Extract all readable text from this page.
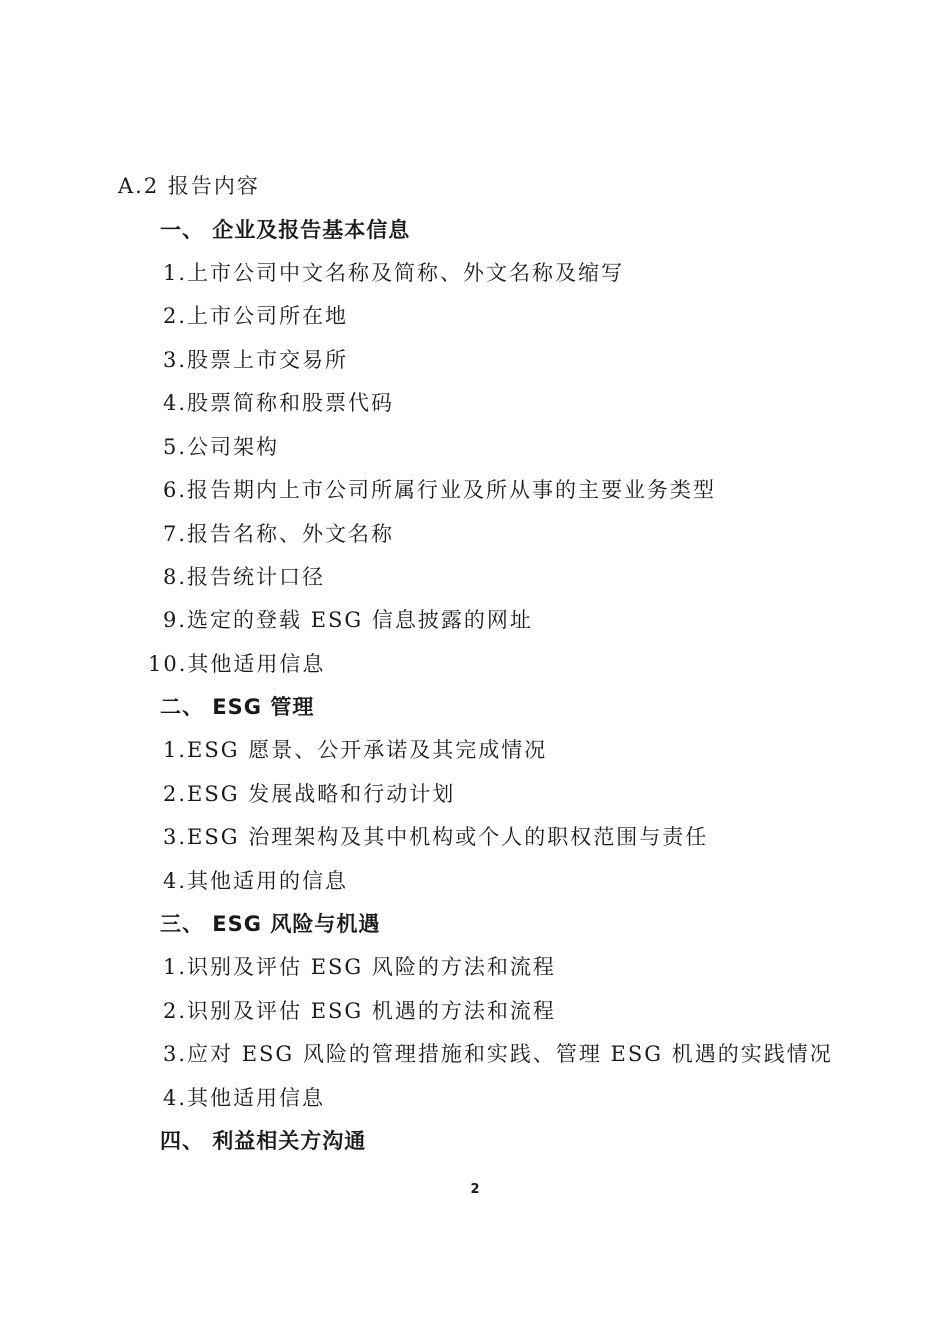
A.2 报告内容
一、 企业及报告基本信息
1.上市公司中文名称及简称、外文名称及缩写
2.上市公司所在地
3.股票上市交易所
4.股票简称和股票代码
5.公司架构
6.报告期内上市公司所属行业及所从事的主要业务类型
7.报告名称、外文名称
8.报告统计口径
9.选定的登载 ESG 信息披露的网址
10.其他适用信息
二、 ESG 管理
1.ESG 愿景、公开承诺及其完成情况
2.ESG 发展战略和行动计划
3.ESG 治理架构及其中机构或个人的职权范围与责任
4.其他适用的信息
三、 ESG 风险与机遇
1.识别及评估 ESG 风险的方法和流程
2.识别及评估 ESG 机遇的方法和流程
3.应对 ESG 风险的管理措施和实践、管理 ESG 机遇的实践情况
4.其他适用信息
四、 利益相关方沟通
2
